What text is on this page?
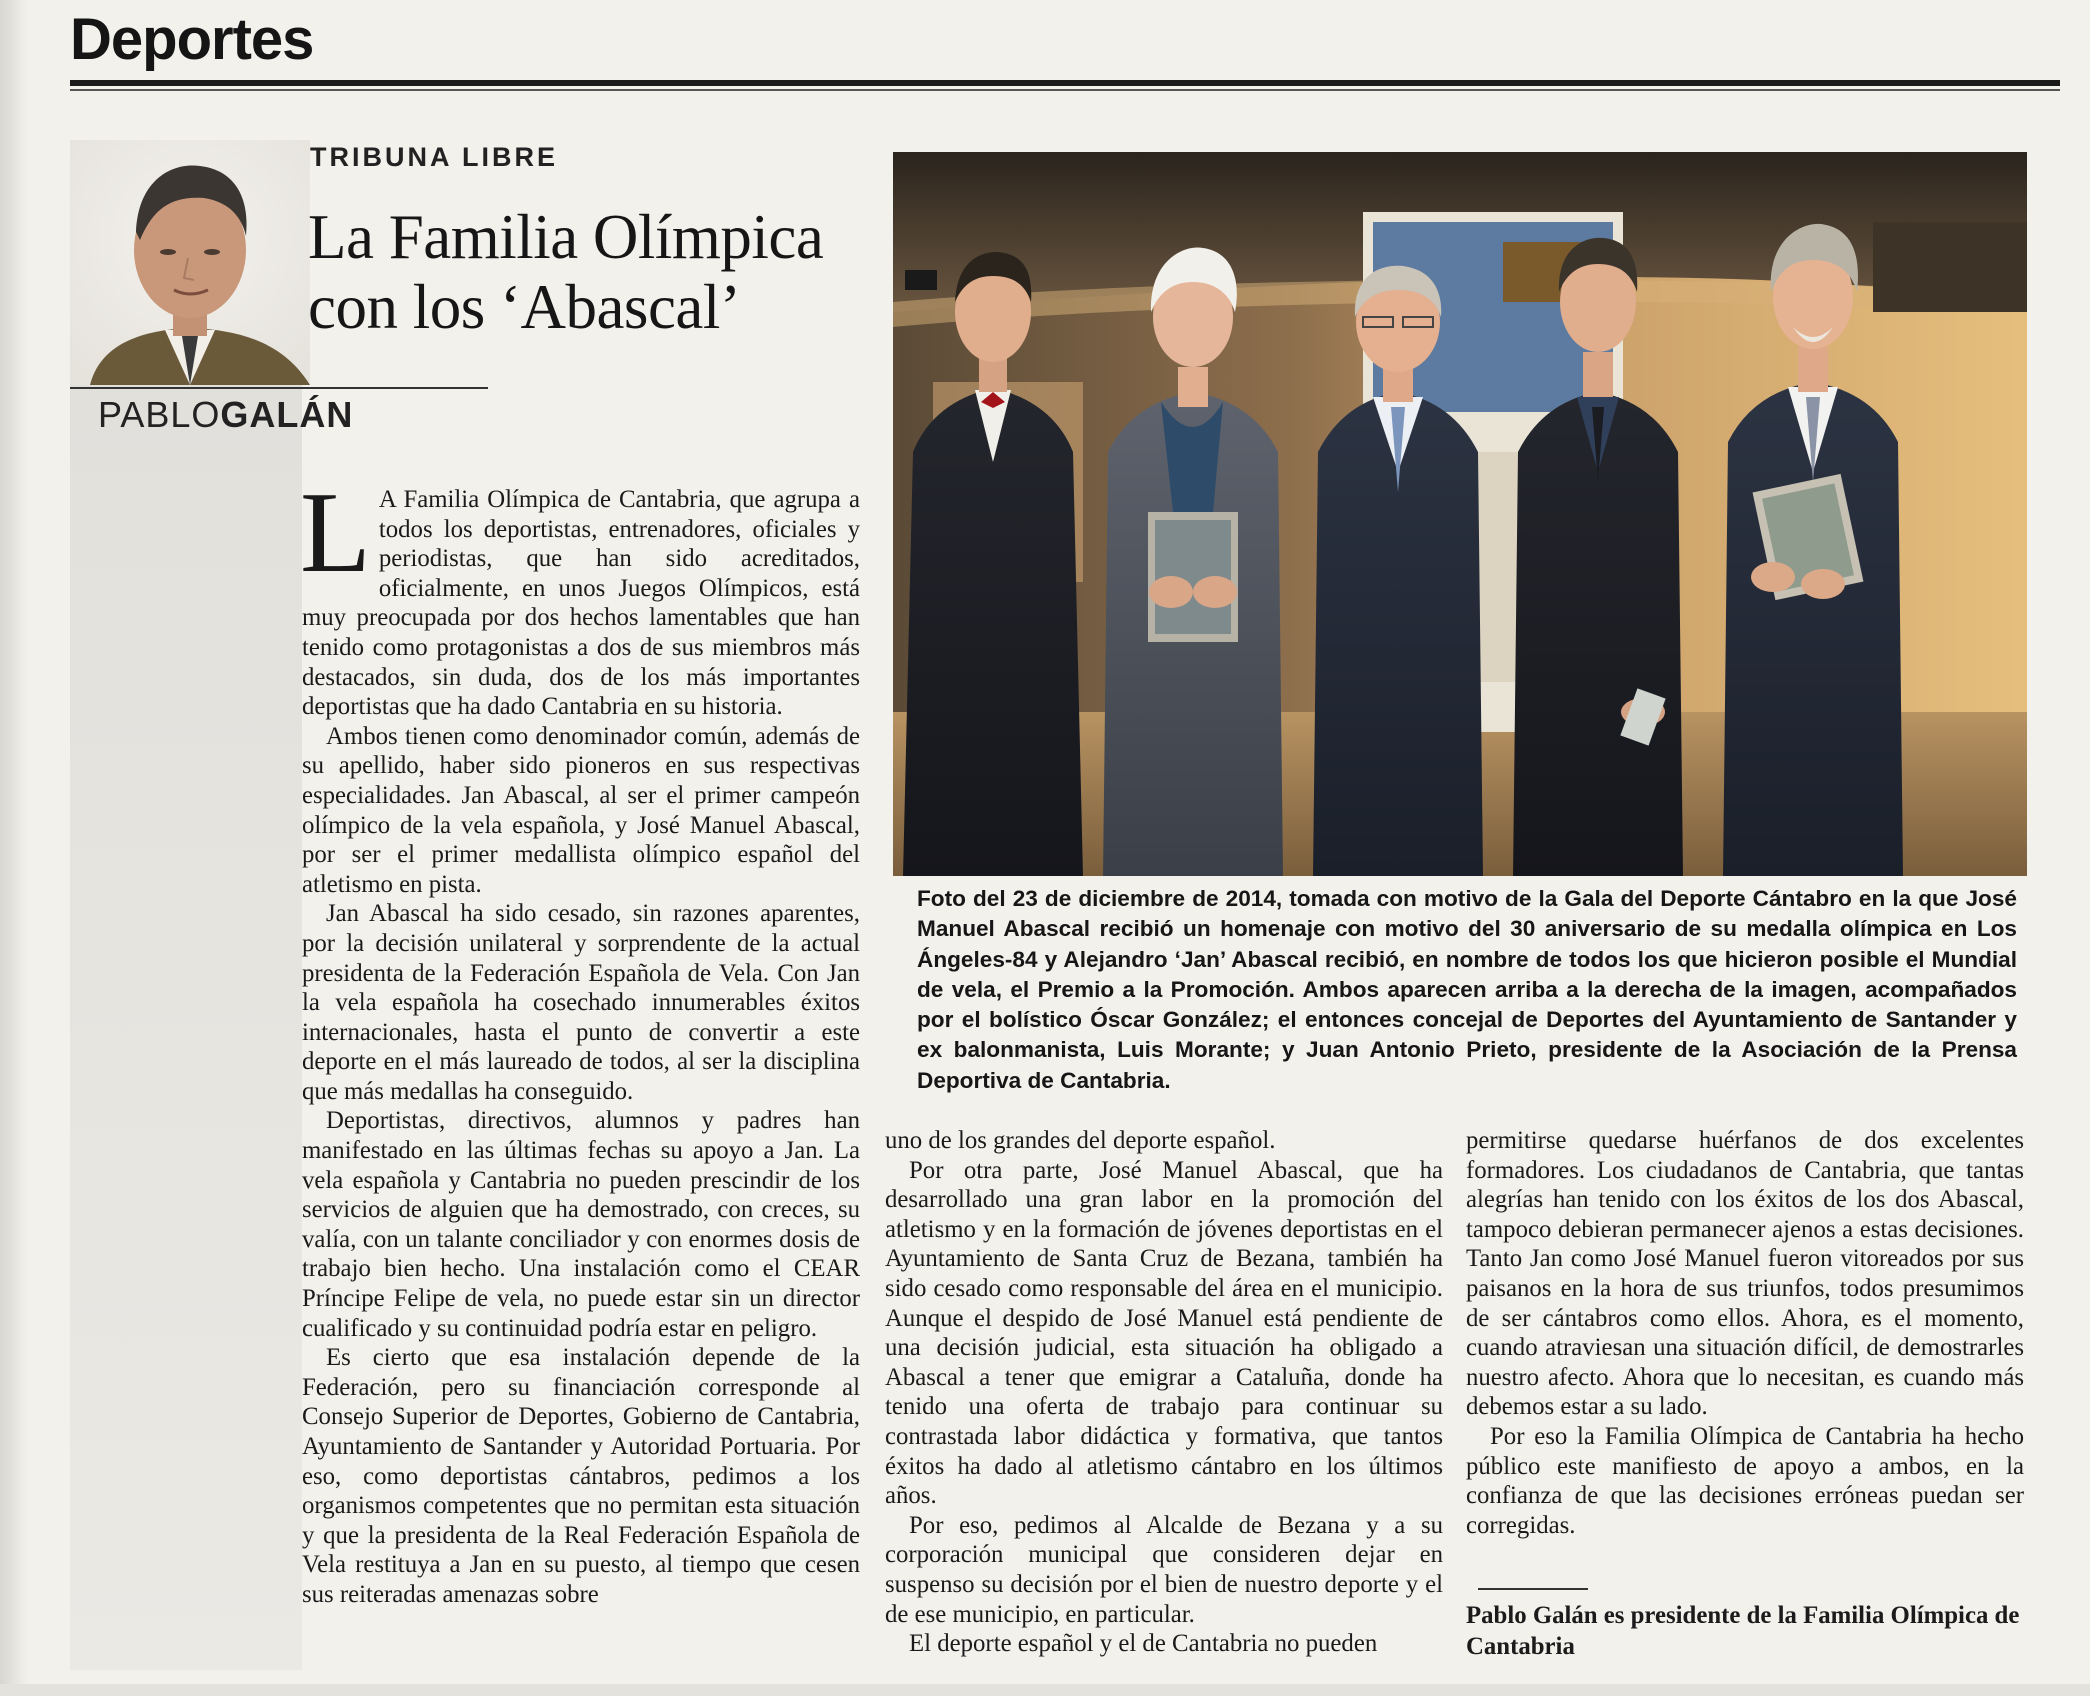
Deportes
TRIBUNA LIBRE
La Familia Olímpica
con los ‘Abascal’
PABLOGALÁN

Foto del 23 de diciembre de 2014, tomada con motivo de la Gala del Deporte Cántabro en la que José Manuel Abascal recibió un homenaje con motivo del 30 aniversario de su medalla olímpica en Los Ángeles-84 y Alejandro ‘Jan’ Abascal recibió, en nombre de todos los que hicieron posible el Mundial de vela, el Premio a la Promoción. Ambos aparecen arriba a la derecha de la imagen, acompañados por el bolístico Óscar González; el entonces concejal de Deportes del Ayuntamiento de Santander y ex balonmanista, Luis Morante; y Juan Antonio Prieto, presidente de la Asociación de la Prensa Deportiva de Cantabria.

L A Familia Olímpica de Cantabria, que agrupa a todos los deportistas, entrenadores, oficiales y periodistas, que han sido acreditados, oficialmente, en unos Juegos Olímpicos, está muy preocupada por dos hechos lamentables que han tenido como protagonistas a dos de sus miembros más destacados, sin duda, dos de los más importantes deportistas que ha dado Cantabria en su historia.

Ambos tienen como denominador común, además de su apellido, haber sido pioneros en sus respectivas especialidades. Jan Abascal, al ser el primer campeón olímpico de la vela española, y José Manuel Abascal, por ser el primer medallista olímpico español del atletismo en pista.

Jan Abascal ha sido cesado, sin razones aparentes, por la decisión unilateral y sorprendente de la actual presidenta de la Federación Española de Vela. Con Jan la vela española ha cosechado innumerables éxitos internacionales, hasta el punto de convertir a este deporte en el más laureado de todos, al ser la disciplina que más medallas ha conseguido.

Deportistas, directivos, alumnos y padres han manifestado en las últimas fechas su apoyo a Jan. La vela española y Cantabria no pueden prescindir de los servicios de alguien que ha demostrado, con creces, su valía, con un talante conciliador y con enormes dosis de trabajo bien hecho. Una instalación como el CEAR Príncipe Felipe de vela, no puede estar sin un director cualificado y su continuidad podría estar en peligro.

Es cierto que esa instalación depende de la Federación, pero su financiación corresponde al Consejo Superior de Deportes, Gobierno de Cantabria, Ayuntamiento de Santander y Autoridad Portuaria. Por eso, como deportistas cántabros, pedimos a los organismos competentes que no permitan esta situación y que la presidenta de la Real Federación Española de Vela restituya a Jan en su puesto, al tiempo que cesen sus reiteradas amenazas sobre

uno de los grandes del deporte español.

Por otra parte, José Manuel Abascal, que ha desarrollado una gran labor en la promoción del atletismo y en la formación de jóvenes deportistas en el Ayuntamiento de Santa Cruz de Bezana, también ha sido cesado como responsable del área en el municipio. Aunque el despido de José Manuel está pendiente de una decisión judicial, esta situación ha obligado a Abascal a tener que emigrar a Cataluña, donde ha tenido una oferta de trabajo para continuar su contrastada labor didáctica y formativa, que tantos éxitos ha dado al atletismo cántabro en los últimos años.

Por eso, pedimos al Alcalde de Bezana y a su corporación municipal que consideren dejar en suspenso su decisión por el bien de nuestro deporte y el de ese municipio, en particular.

El deporte español y el de Cantabria no pueden

permitirse quedarse huérfanos de dos excelentes formadores. Los ciudadanos de Cantabria, que tantas alegrías han tenido con los éxitos de los dos Abascal, tampoco debieran permanecer ajenos a estas decisiones. Tanto Jan como José Manuel fueron vitoreados por sus paisanos en la hora de sus triunfos, todos presumimos de ser cántabros como ellos. Ahora, es el momento, cuando atraviesan una situación difícil, de demostrarles nuestro afecto. Ahora que lo necesitan, es cuando más debemos estar a su lado.

Por eso la Familia Olímpica de Cantabria ha hecho público este manifiesto de apoyo a ambos, en la confianza de que las decisiones erróneas puedan ser corregidas.

Pablo Galán es presidente de la Familia Olímpica de Cantabria
